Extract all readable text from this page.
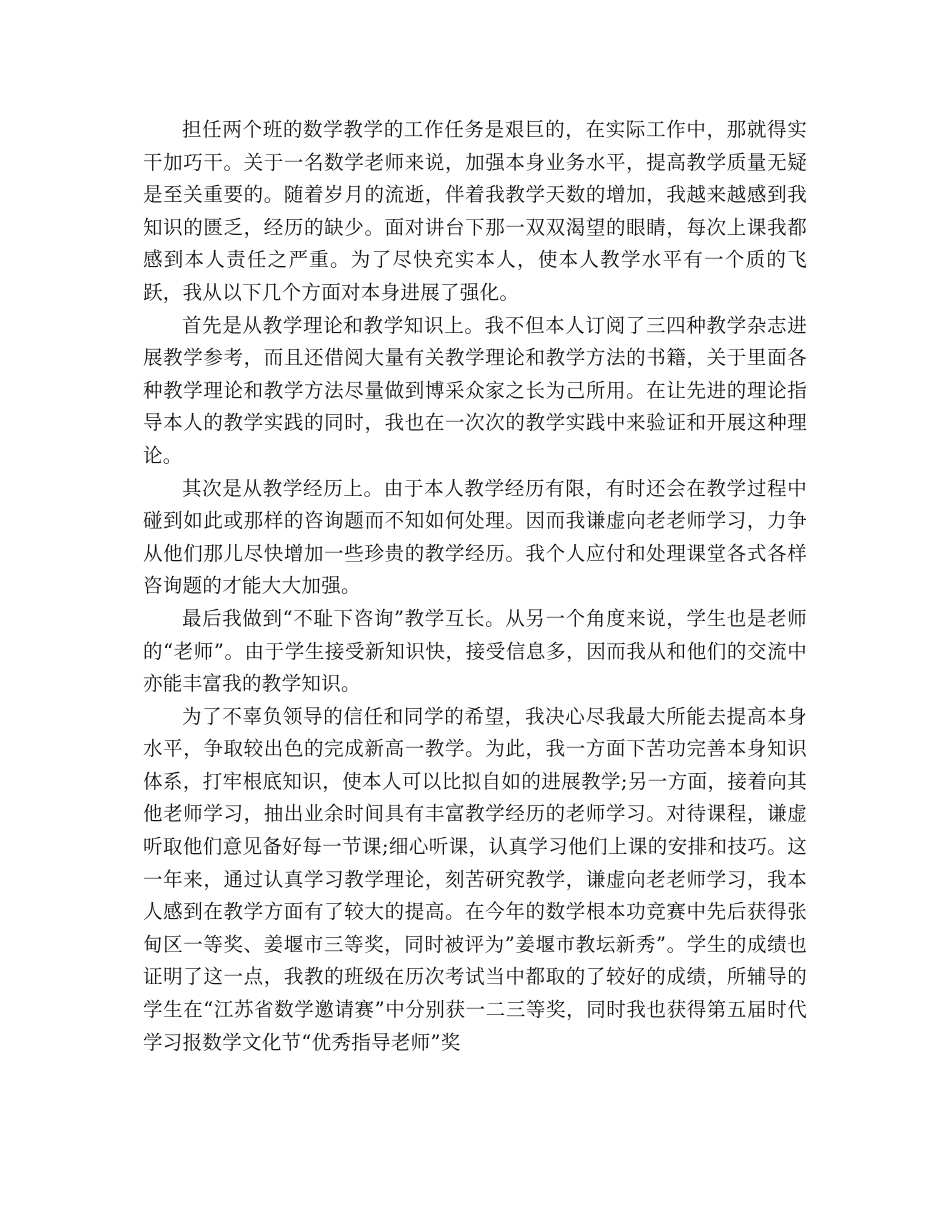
担任两个班的数学教学的工作任务是艰巨的，在实际工作中，那就得实干加巧干。关于一名数学老师来说，加强本身业务水平，提高教学质量无疑是至关重要的。随着岁月的流逝，伴着我教学天数的增加，我越来越感到我知识的匮乏，经历的缺少。面对讲台下那一双双渴望的眼睛，每次上课我都感到本人责任之严重。为了尽快充实本人，使本人教学水平有一个质的飞跃，我从以下几个方面对本身进展了强化。

首先是从教学理论和教学知识上。我不但本人订阅了三四种教学杂志进展教学参考，而且还借阅大量有关教学理论和教学方法的书籍，关于里面各种教学理论和教学方法尽量做到博采众家之长为己所用。在让先进的理论指导本人的教学实践的同时，我也在一次次的教学实践中来验证和开展这种理论。

其次是从教学经历上。由于本人教学经历有限，有时还会在教学过程中碰到如此或那样的咨询题而不知如何处理。因而我谦虚向老老师学习，力争从他们那儿尽快增加一些珍贵的教学经历。我个人应付和处理课堂各式各样咨询题的才能大大加强。

最后我做到“不耻下咨询”教学互长。从另一个角度来说，学生也是老师的“老师”。由于学生接受新知识快，接受信息多，因而我从和他们的交流中亦能丰富我的教学知识。

为了不辜负领导的信任和同学的希望，我决心尽我最大所能去提高本身水平，争取较出色的完成新高一教学。为此，我一方面下苦功完善本身知识体系，打牢根底知识，使本人可以比拟自如的进展教学;另一方面，接着向其他老师学习，抽出业余时间具有丰富教学经历的老师学习。对待课程，谦虚听取他们意见备好每一节课;细心听课，认真学习他们上课的安排和技巧。这一年来，通过认真学习教学理论，刻苦研究教学，谦虚向老老师学习，我本人感到在教学方面有了较大的提高。在今年的数学根本功竞赛中先后获得张甸区一等奖、姜堰市三等奖，同时被评为”姜堰市教坛新秀”。学生的成绩也证明了这一点，我教的班级在历次考试当中都取的了较好的成绩，所辅导的学生在“江苏省数学邀请赛”中分别获一二三等奖，同时我也获得第五届时代学习报数学文化节“优秀指导老师”奖
